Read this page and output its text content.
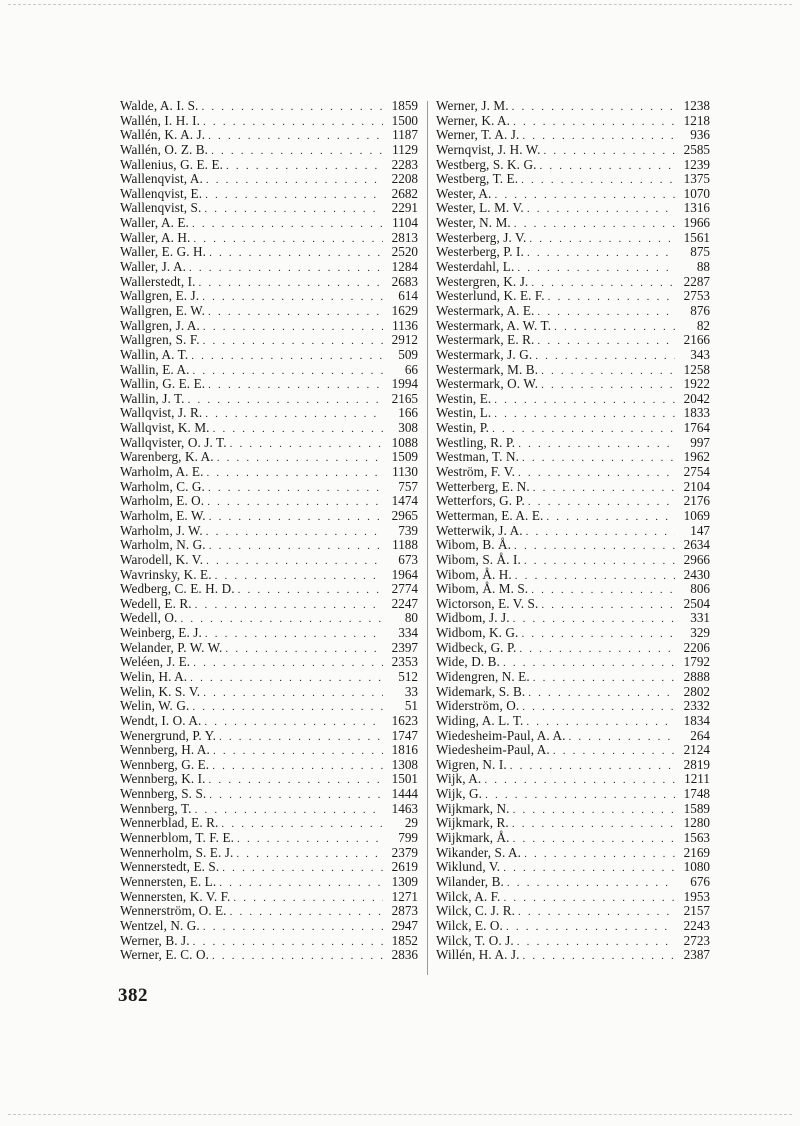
Walde, A. I. S. . . .	1859
Wallén, I. H. I. . . .	1500
Wallén, K. A. J. . . .	1187
Wallén, O. Z. B. . . .	1129
Wallenius, G. E. E. . . .	2283
Wallenqvist, A. . . .	2208
Wallenqvist, E. . . .	2682
Wallenqvist, S. . . .	2291
Waller, A. E. . . .	1104
Waller, A. H. . . .	2813
Waller, E. G. H. . . .	2520
Waller, J. A. . . .	1284
Wallerstedt, I. . . .	2683
Wallgren, E. J. . . .	614
Wallgren, E. W. . . .	1629
Wallgren, J. A. . . .	1136
Wallgren, S. F. . . .	2912
Wallin, A. T. . . .	509
Wallin, E. A. . . .	66
Wallin, G. E. E. . . .	1994
Wallin, J. T. . . .	2165
Wallqvist, J. R. . . .	166
Wallqvist, K. M. . . .	308
Wallqvister, O. J. T. . . .	1088
Warenberg, K. A. . . .	1509
Warholm, A. E. . . .	1130
Warholm, C. G. . . .	757
Warholm, E. O. . . .	1474
Warholm, E. W. . . .	2965
Warholm, J. W. . . .	739
Warholm, N. G. . . .	1188
Warodell, K. V. . . .	673
Wavrinsky, K. E. . . .	1964
Wedberg, C. E. H. D. . . .	2774
Wedell, E. R. . . .	2247
Wedell, O. . . .	80
Weinberg, E. J. . . .	334
Welander, P. W. W. . . .	2397
Weléen, J. E. . . .	2353
Welin, H. A. . . .	512
Welin, K. S. V. . . .	33
Welin, W. G. . . .	51
Wendt, I. O. A. . . .	1623
Wenergrund, P. Y. . . .	1747
Wennberg, H. A. . . .	1816
Wennberg, G. E. . . .	1308
Wennberg, K. I. . . .	1501
Wennberg, S. S. . . .	1444
Wennberg, T. . . .	1463
Wennerblad, E. R. . . .	29
Wennerblom, T. F. E. . . .	799
Wennerholm, S. E. J. . . .	2379
Wennerstedt, E. S. . . .	2619
Wennersten, E. L. . . .	1309
Wennersten, K. V. F. . . .	1271
Wennerström, O. E. . . .	2873
Wentzel, N. G. . . .	2947
Werner, B. J. . . .	1852
Werner, E. C. O. . . .	2836
Werner, J. M. . . .	1238
Werner, K. A. . . .	1218
Werner, T. A. J. . . .	936
Wernqvist, J. H. W. . . .	2585
Westberg, S. K. G. . . .	1239
Westberg, T. E. . . .	1375
Wester, A. . . .	1070
Wester, L. M. V. . . .	1316
Wester, N. M. . . .	1966
Westerberg, J. V. . . .	1561
Westerberg, P. I. . . .	875
Westerdahl, L. . . .	88
Westergren, K. J. . . .	2287
Westerlund, K. E. F. . . .	2753
Westermark, A. E. . . .	876
Westermark, A. W. T. . . .	82
Westermark, E. R. . . .	2166
Westermark, J. G. . . .	343
Westermark, M. B. . . .	1258
Westermark, O. W. . . .	1922
Westin, E. . . .	2042
Westin, L. . . .	1833
Westin, P. . . .	1764
Westling, R. P. . . .	997
Westman, T. N. . . .	1962
Weström, F. V. . . .	2754
Wetterberg, E. N. . . .	2104
Wetterfors, G. P. . . .	2176
Wetterman, E. A. E. . . .	1069
Wetterwik, J. A. . . .	147
Wibom, B. Å. . . .	2634
Wibom, S. Å. I. . . .	2966
Wibom, Å. H. . . .	2430
Wibom, Å. M. S. . . .	806
Wictorson, E. V. S. . . .	2504
Widbom, J. J. . . .	331
Widbom, K. G. . . .	329
Widbeck, G. P. . . .	2206
Wide, D. B. . . .	1792
Widengren, N. E. . . .	2888
Widemark, S. B. . . .	2802
Widerström, O. . . .	2332
Widing, A. L. T. . . .	1834
Wiedesheim-Paul, A. A. . . .	264
Wiedesheim-Paul, A. . . .	2124
Wigren, N. I. . . .	2819
Wijk, A. . . .	1211
Wijk, G. . . .	1748
Wijkmark, N. . . .	1589
Wijkmark, R. . . .	1280
Wijkmark, Å. . . .	1563
Wikander, S. A. . . .	2169
Wiklund, V. . . .	1080
Wilander, B. . . .	676
Wilck, A. F. . . .	1953
Wilck, C. J. R. . . .	2157
Wilck, E. O. . . .	2243
Wilck, T. O. J. . . .	2723
Willén, H. A. J. . . .	2387
382
